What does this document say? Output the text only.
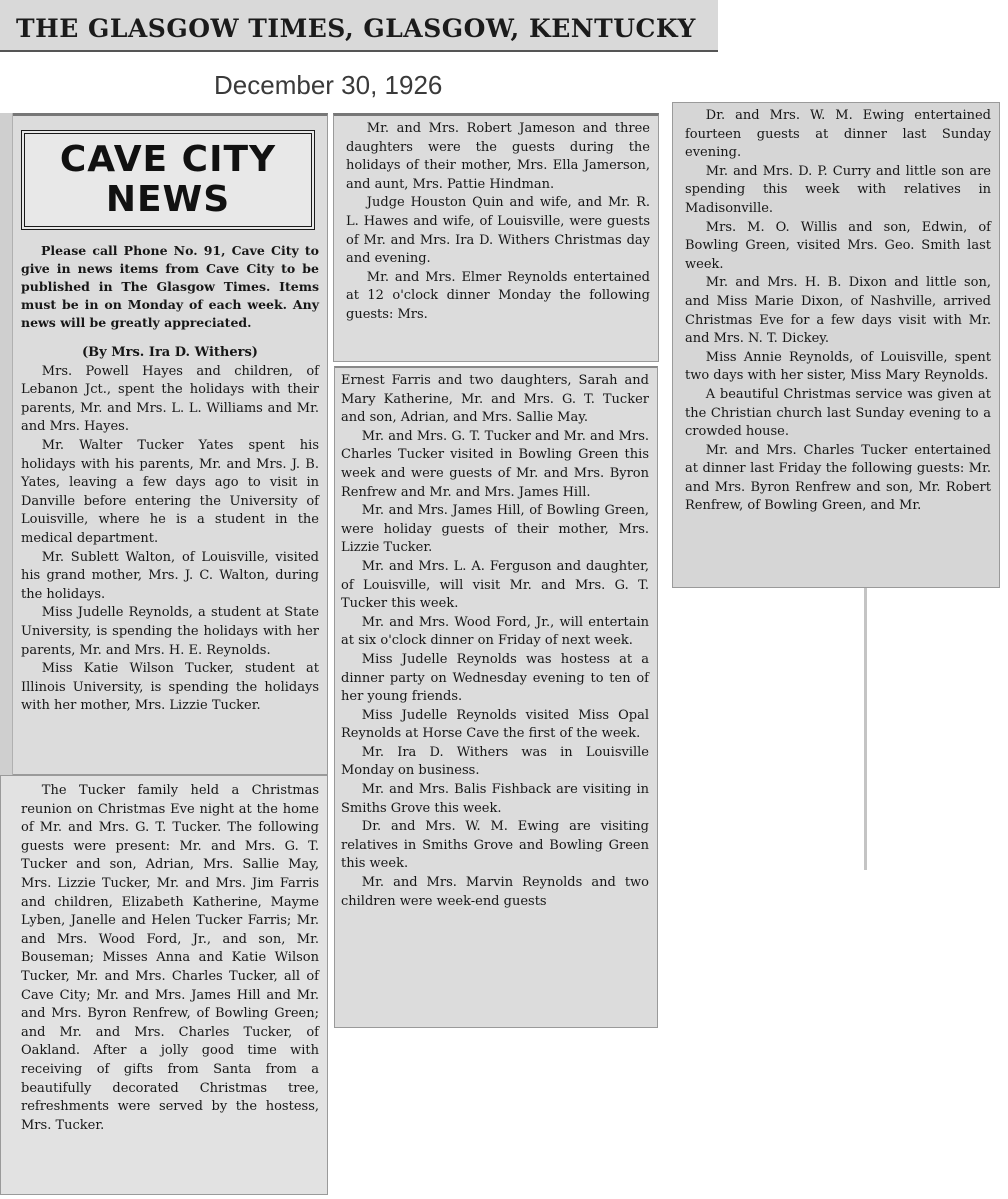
THE GLASGOW TIMES, GLASGOW, KENTUCKY
December 30, 1926
CAVE CITY NEWS

Please call Phone No. 91, Cave City to give in news items from Cave City to be published in The Glasgow Times. Items must be in on Monday of each week. Any news will be greatly appreciated.

(By Mrs. Ira D. Withers)

Mrs. Powell Hayes and children, of Lebanon Jct., spent the holidays with their parents, Mr. and Mrs. L. L. Williams and Mr. and Mrs. Hayes.

Mr. Walter Tucker Yates spent his holidays with his parents, Mr. and Mrs. J. B. Yates, leaving a few days ago to visit in Danville before entering the University of Louisville, where he is a student in the medical department.

Mr. Sublett Walton, of Louisville, visited his grand mother, Mrs. J. C. Walton, during the holidays.

Miss Judelle Reynolds, a student at State University, is spending the holidays with her parents, Mr. and Mrs. H. E. Reynolds.

Miss Katie Wilson Tucker, student at Illinois University, is spending the holidays with her mother, Mrs. Lizzie Tucker.

The Tucker family held a Christmas reunion on Christmas Eve night at the home of Mr. and Mrs. G. T. Tucker. The following guests were present: Mr. and Mrs. G. T. Tucker and son, Adrian, Mrs. Sallie May, Mrs. Lizzie Tucker, Mr. and Mrs. Jim Farris and children, Elizabeth Katherine, Mayme Lyben, Janelle and Helen Tucker Farris; Mr. and Mrs. Wood Ford, Jr., and son, Mr. Bouseman; Misses Anna and Katie Wilson Tucker, Mr. and Mrs. Charles Tucker, all of Cave City; Mr. and Mrs. James Hill and Mr. and Mrs. Byron Renfrew, of Bowling Green; and Mr. and Mrs. Charles Tucker, of Oakland. After a jolly good time with receiving of gifts from Santa from a beautifully decorated Christmas tree, refreshments were served by the hostess, Mrs. Tucker.

Mr. and Mrs. Robert Jameson and three daughters were the guests during the holidays of their mother, Mrs. Ella Jamerson, and aunt, Mrs. Pattie Hindman.

Judge Houston Quin and wife, and Mr. R. L. Hawes and wife, of Louisville, were guests of Mr. and Mrs. Ira D. Withers Christmas day and evening.

Mr. and Mrs. Elmer Reynolds entertained at 12 o'clock dinner Monday the following guests: Mrs.

Ernest Farris and two daughters, Sarah and Mary Katherine, Mr. and Mrs. G. T. Tucker and son, Adrian, and Mrs. Sallie May.

Mr. and Mrs. G. T. Tucker and Mr. and Mrs. Charles Tucker visited in Bowling Green this week and were guests of Mr. and Mrs. Byron Renfrew and Mr. and Mrs. James Hill.

Mr. and Mrs. James Hill, of Bowling Green, were holiday guests of their mother, Mrs. Lizzie Tucker.

Mr. and Mrs. L. A. Ferguson and daughter, of Louisville, will visit Mr. and Mrs. G. T. Tucker this week.

Mr. and Mrs. Wood Ford, Jr., will entertain at six o'clock dinner on Friday of next week.

Miss Judelle Reynolds was hostess at a dinner party on Wednesday evening to ten of her young friends.

Miss Judelle Reynolds visited Miss Opal Reynolds at Horse Cave the first of the week.

Mr. Ira D. Withers was in Louisville Monday on business.

Mr. and Mrs. Balis Fishback are visiting in Smiths Grove this week.

Dr. and Mrs. W. M. Ewing are visiting relatives in Smiths Grove and Bowling Green this week.

Mr. and Mrs. Marvin Reynolds and two children were week-end guests

Dr. and Mrs. W. M. Ewing entertained fourteen guests at dinner last Sunday evening.

Mr. and Mrs. D. P. Curry and little son are spending this week with relatives in Madisonville.

Mrs. M. O. Willis and son, Edwin, of Bowling Green, visited Mrs. Geo. Smith last week.

Mr. and Mrs. H. B. Dixon and little son, and Miss Marie Dixon, of Nashville, arrived Christmas Eve for a few days visit with Mr. and Mrs. N. T. Dickey.

Miss Annie Reynolds, of Louisville, spent two days with her sister, Miss Mary Reynolds.

A beautiful Christmas service was given at the Christian church last Sunday evening to a crowded house.

Mr. and Mrs. Charles Tucker entertained at dinner last Friday the following guests: Mr. and Mrs. Byron Renfrew and son, Mr. Robert Renfrew, of Bowling Green, and Mr.
